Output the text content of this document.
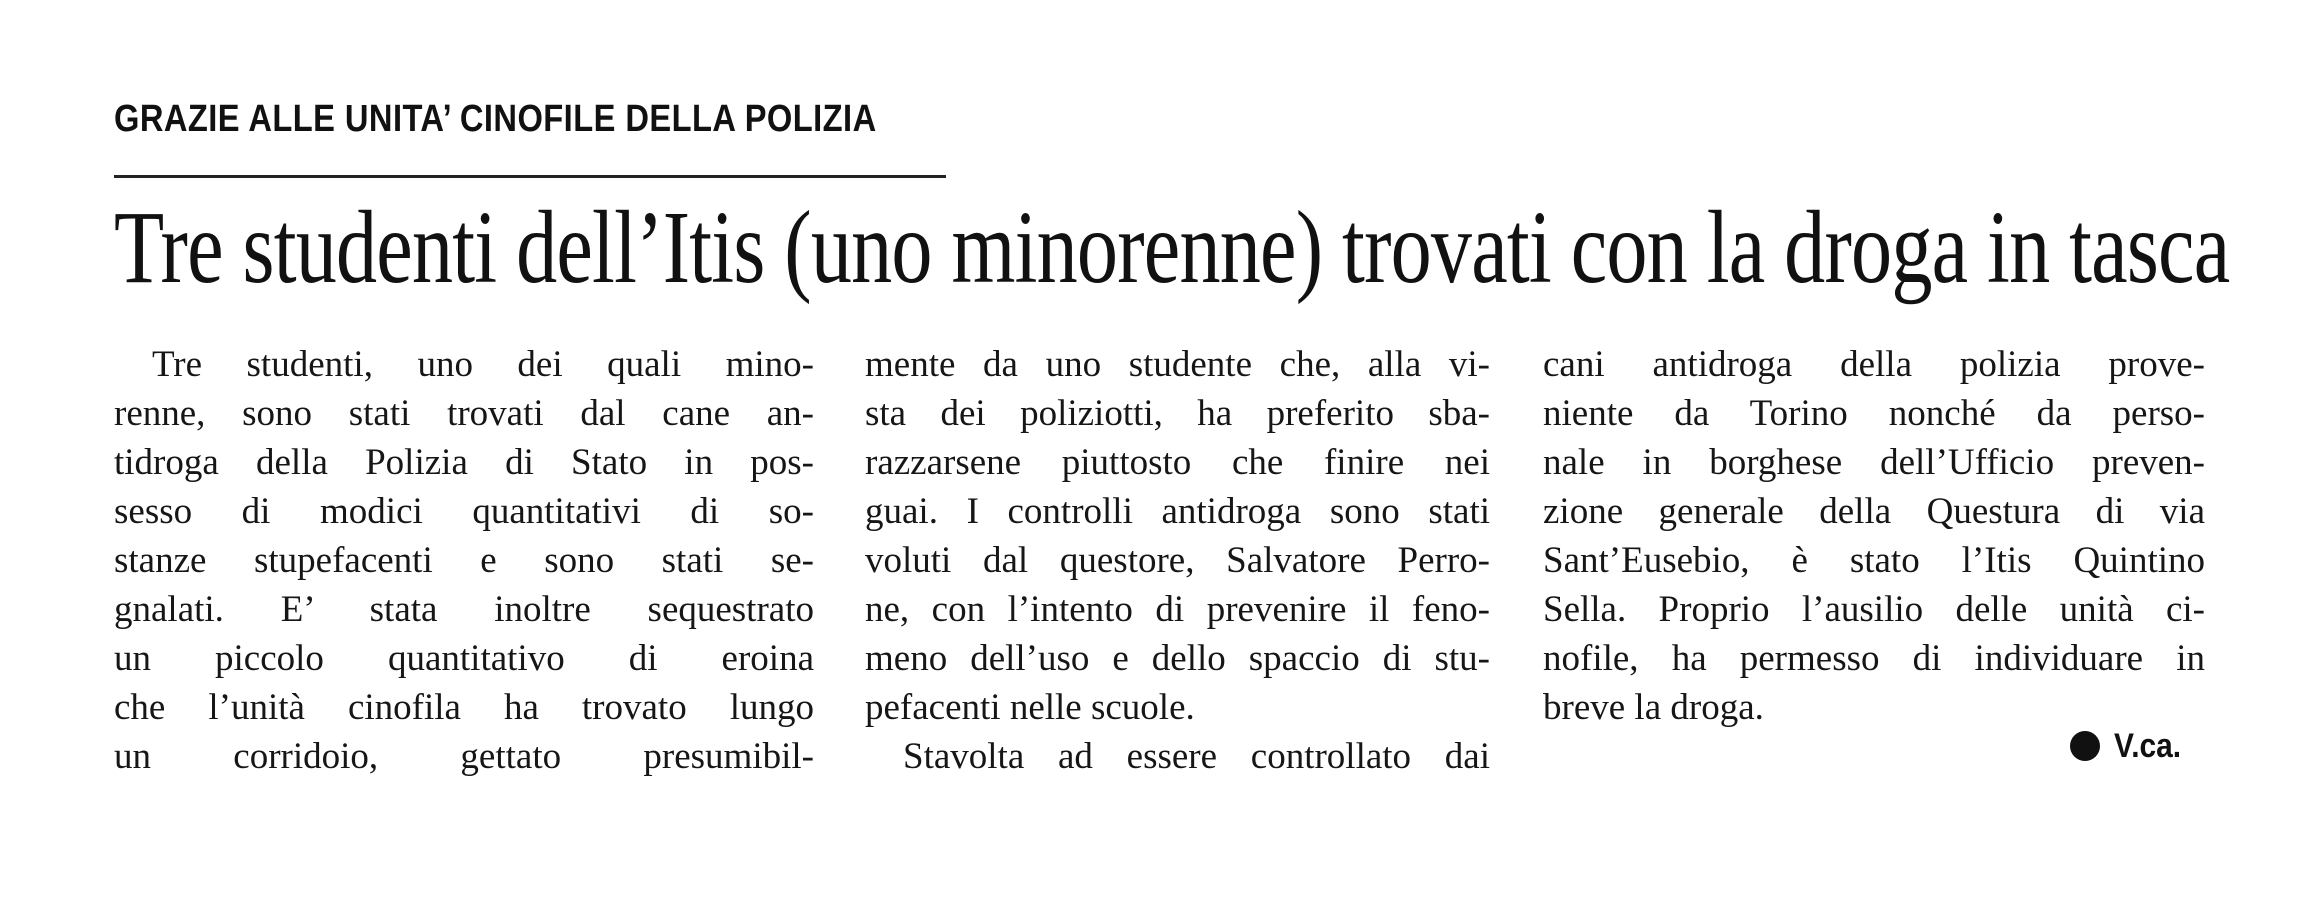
GRAZIE ALLE UNITA’ CINOFILE DELLA POLIZIA
Tre studenti dell’Itis (uno minorenne) trovati con la droga in tasca
Tre studenti, uno dei quali mino-
renne, sono stati trovati dal cane an-
tidroga della Polizia di Stato in pos-
sesso di modici quantitativi di so-
stanze stupefacenti e sono stati se-
gnalati. E’ stata inoltre sequestrato
un piccolo quantitativo di eroina
che l’unità cinofila ha trovato lungo
un corridoio, gettato presumibil-
mente da uno studente che, alla vi-
sta dei poliziotti, ha preferito sba-
razzarsene piuttosto che finire nei
guai. I controlli antidroga sono stati
voluti dal questore, Salvatore Perro-
ne, con l’intento di prevenire il feno-
meno dell’uso e dello spaccio di stu-
pefacenti nelle scuole.
Stavolta ad essere controllato dai
cani antidroga della polizia prove-
niente da Torino nonché da perso-
nale in borghese dell’Ufficio preven-
zione generale della Questura di via
Sant’Eusebio, è stato l’Itis Quintino
Sella. Proprio l’ausilio delle unità ci-
nofile, ha permesso di individuare in
breve la droga.
V.ca.
